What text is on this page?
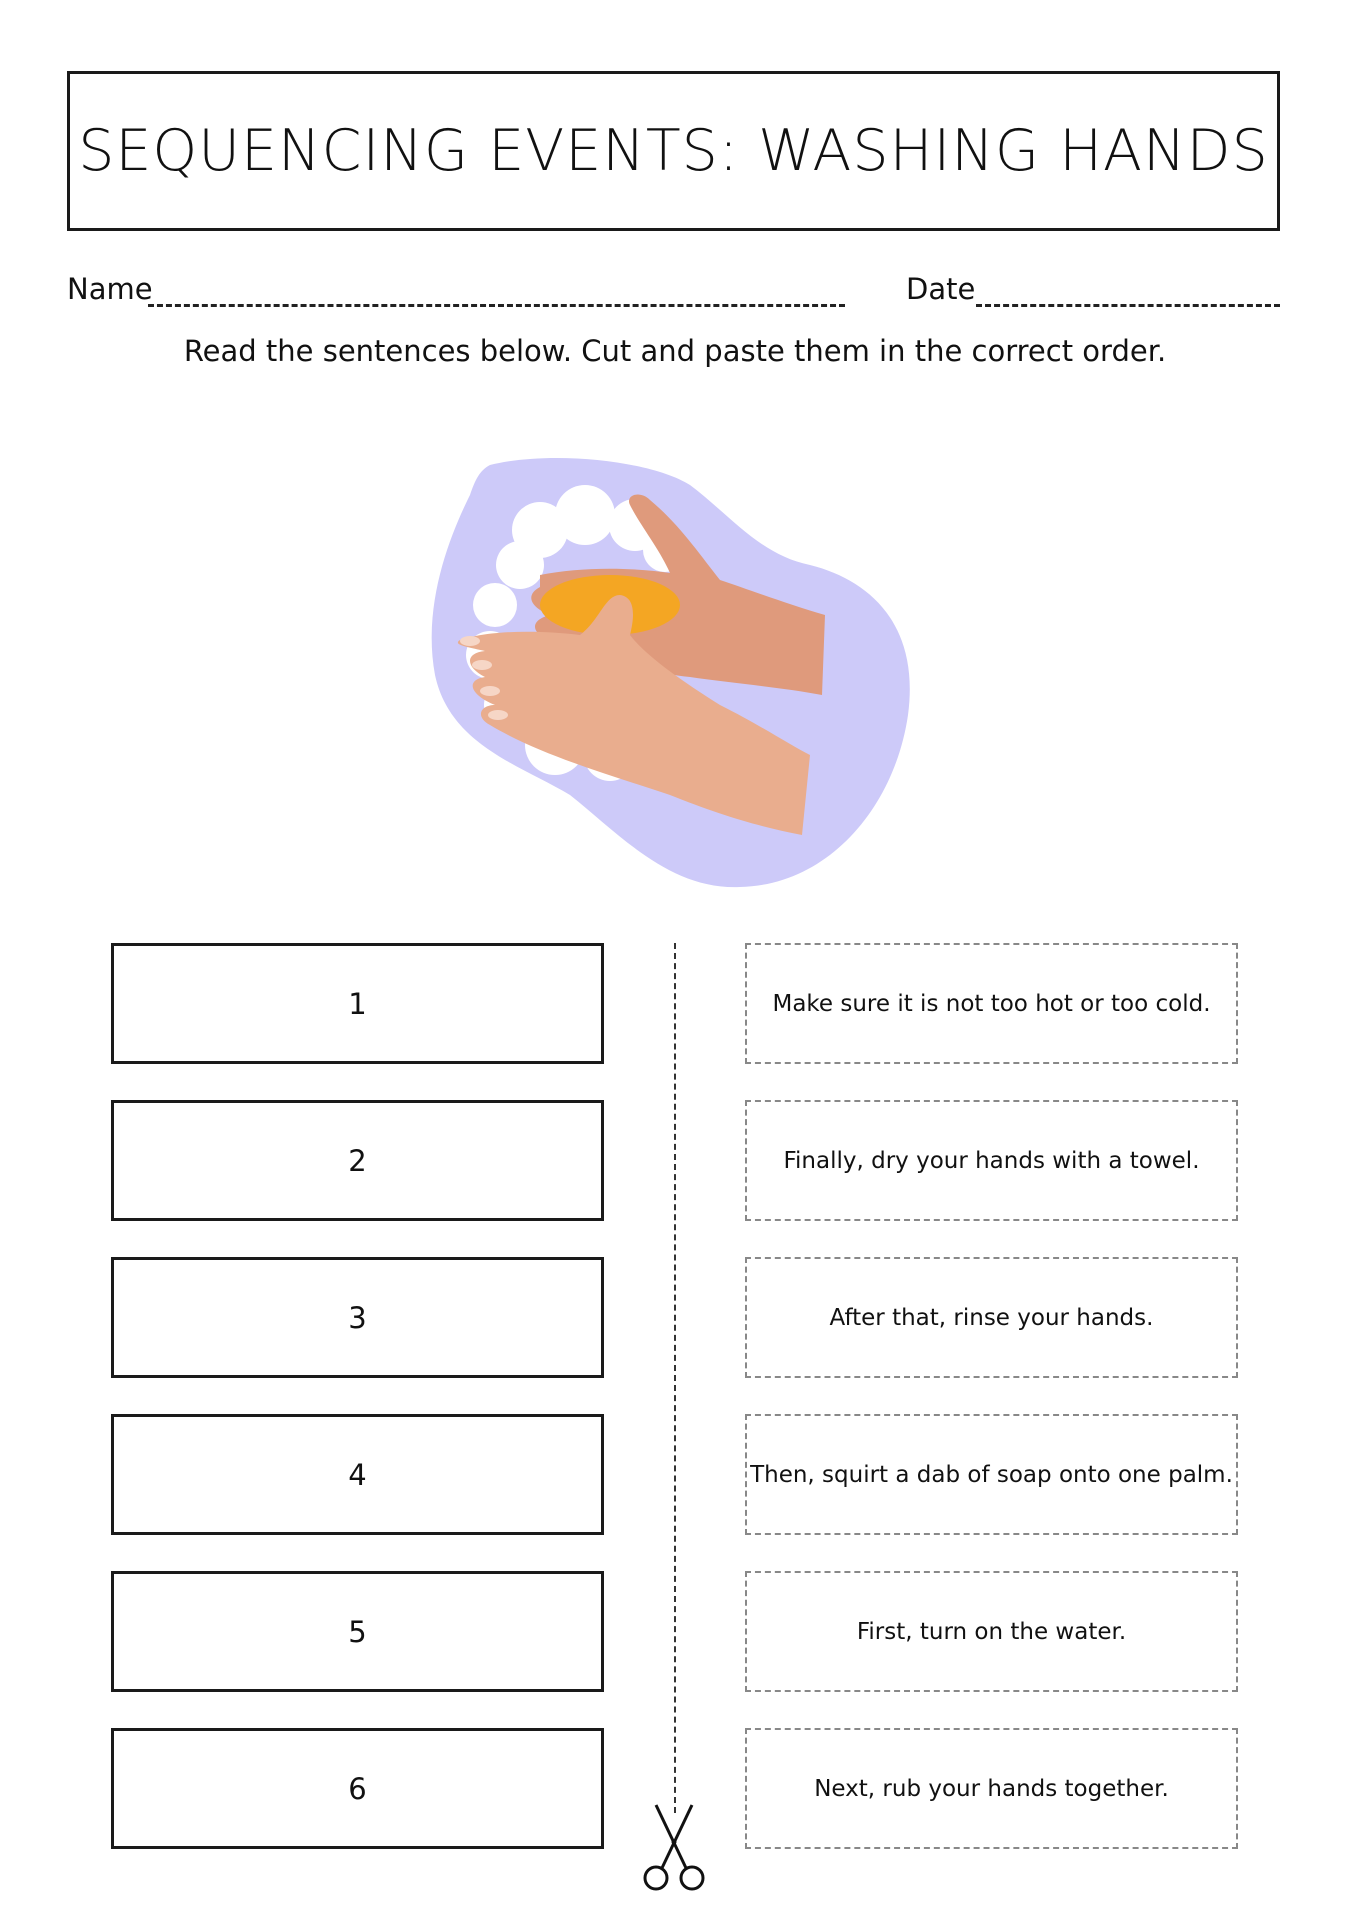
SEQUENCING EVENTS: WASHING HANDS
Name	Date
Read the sentences below. Cut and paste them in the correct order.
1
2
3
4
5
6
Make sure it is not too hot or too cold.
Finally, dry your hands with a towel.
After that, rinse your hands.
Then, squirt a dab of soap onto one palm.
First, turn on the water.
Next, rub your hands together.
